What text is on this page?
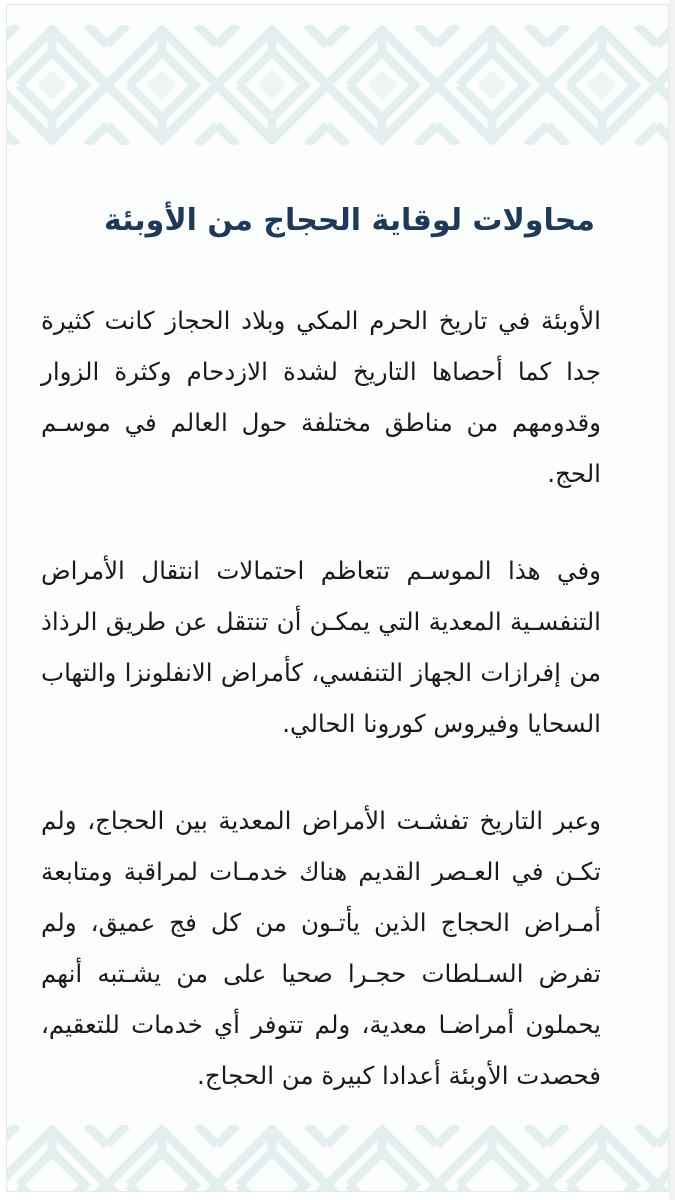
محاولات لوقاية الحجاج من الأوبئة

الأوبئة في تاريخ الحرم المكي وبلاد الحجاز كانت كثيرة جدا كما أحصاها التاريخ لشدة الازدحام وكثرة الزوار وقدومهم من مناطق مختلفة حول العالم في موسـم الحج.

وفي هذا الموسـم تتعاظم احتمالات انتقال الأمراض التنفسـية المعدية التي يمكـن أن تنتقل عن طريق الرذاذ من إفرازات الجهاز التنفسي، كأمراض الانفلونزا والتهاب السحايا وفيروس كورونا الحالي.

وعبر التاريخ تفشـت الأمراض المعدية بين الحجاج، ولم تكـن في العـصر القديم هناك خدمـات لمراقبة ومتابعة أمـراض الحجاج الذين يأتـون من كل فج عميق، ولم تفرض السـلطات حجـرا صحيا على من يشـتبه أنهم يحملون أمراضـا معدية، ولم تتوفر أي خدمات للتعقيم، فحصدت الأوبئة أعدادا كبيرة من الحجاج.
